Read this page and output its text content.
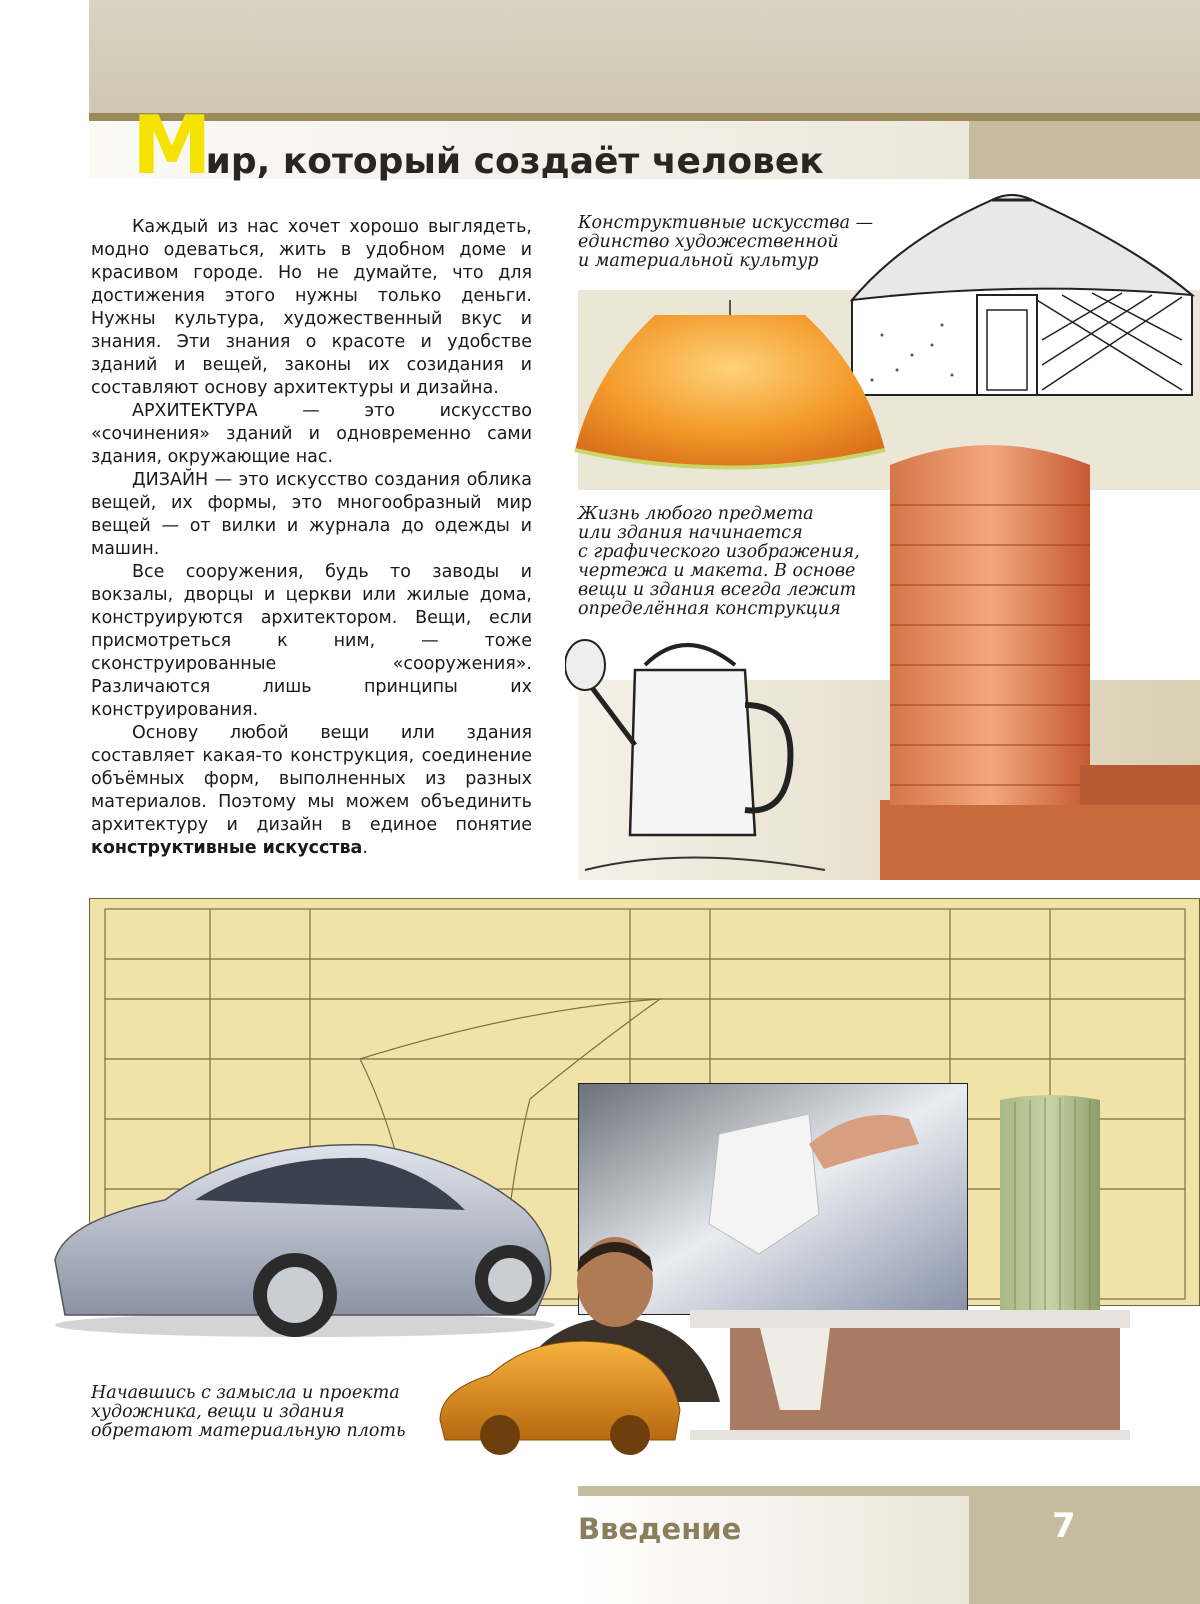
Мир, который создаёт человек

Каждый из нас хочет хорошо выглядеть, модно одеваться, жить в удобном доме и красивом городе. Но не думайте, что для достижения этого нужны только деньги. Нужны культура, художественный вкус и знания. Эти знания о красоте и удобстве зданий и вещей, законы их созидания и составляют основу архитектуры и дизайна.

АРХИТЕКТУРА — это искусство «сочинения» зданий и одновременно сами здания, окружающие нас.

ДИЗАЙН — это искусство создания облика вещей, их формы, это многообразный мир вещей — от вилки и журнала до одежды и машин.

Все сооружения, будь то заводы и вокзалы, дворцы и церкви или жилые дома, конструируются архитектором. Вещи, если присмотреться к ним, — тоже сконструированные «сооружения». Различаются лишь принципы их конструирования.

Основу любой вещи или здания составляет какая-то конструкция, соединение объёмных форм, выполненных из разных материалов. Поэтому мы можем объединить архитектуру и дизайн в единое понятие конструктивные искусства.

Конструктивные искусства —
единство художественной
и материальной культур
Жизнь любого предмета
или здания начинается
с графического изображения,
чертежа и макета. В основе
вещи и здания всегда лежит
определённая конструкция
Начавшись с замысла и проекта
художника, вещи и здания
обретают материальную плоть
Введение	7
